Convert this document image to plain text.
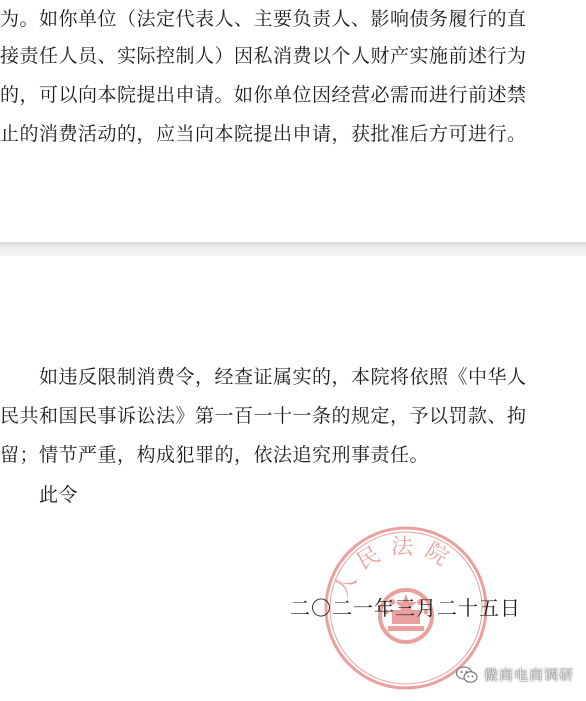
为。如你单位（法定代表人、主要负责人、影响债务履行的直
接责任人员、实际控制人）因私消费以个人财产实施前述行为
的，可以向本院提出申请。如你单位因经营必需而进行前述禁
止的消费活动的，应当向本院提出申请，获批准后方可进行。
　　如违反限制消费令，经查证属实的，本院将依照《中华人
民共和国民事诉讼法》第一百一十一条的规定，予以罚款、拘
留；情节严重，构成犯罪的，依法追究刑事责任。
　　此令
人民法院
二〇二一年三月二十五日
微商电商调研
